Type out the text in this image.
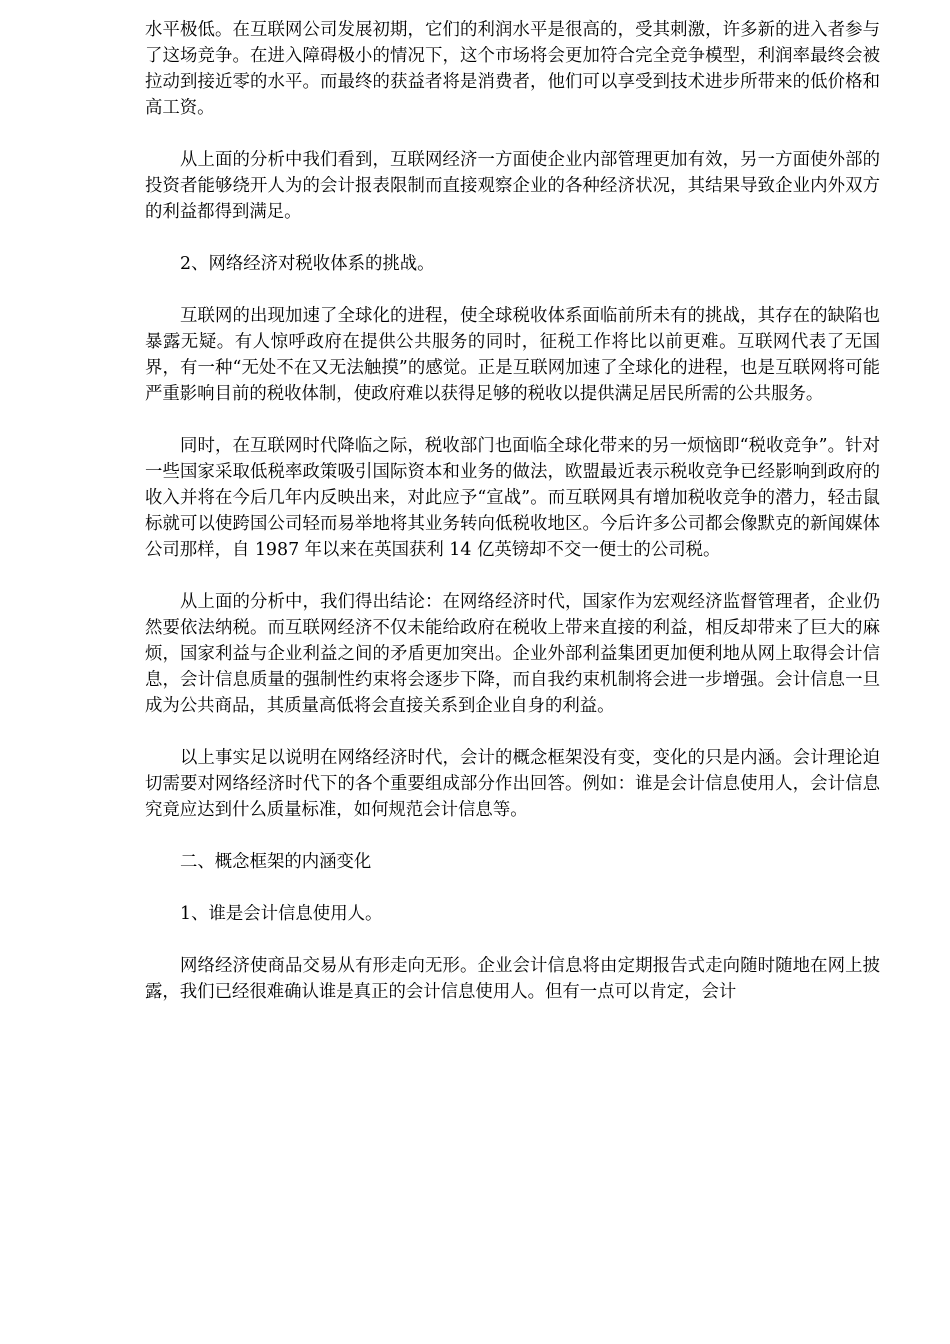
水平极低。在互联网公司发展初期，它们的利润水平是很高的，受其刺激，许多新的进入者参与了这场竞争。在进入障碍极小的情况下，这个市场将会更加符合完全竞争模型，利润率最终会被拉动到接近零的水平。而最终的获益者将是消费者，他们可以享受到技术进步所带来的低价格和高工资。

从上面的分析中我们看到，互联网经济一方面使企业内部管理更加有效，另一方面使外部的投资者能够绕开人为的会计报表限制而直接观察企业的各种经济状况，其结果导致企业内外双方的利益都得到满足。

2、网络经济对税收体系的挑战。

互联网的出现加速了全球化的进程，使全球税收体系面临前所未有的挑战，其存在的缺陷也暴露无疑。有人惊呼政府在提供公共服务的同时，征税工作将比以前更难。互联网代表了无国界，有一种“无处不在又无法触摸”的感觉。正是互联网加速了全球化的进程，也是互联网将可能严重影响目前的税收体制，使政府难以获得足够的税收以提供满足居民所需的公共服务。

同时，在互联网时代降临之际，税收部门也面临全球化带来的另一烦恼即“税收竞争”。针对一些国家采取低税率政策吸引国际资本和业务的做法，欧盟最近表示税收竞争已经影响到政府的收入并将在今后几年内反映出来，对此应予“宣战”。而互联网具有增加税收竞争的潜力，轻击鼠标就可以使跨国公司轻而易举地将其业务转向低税收地区。今后许多公司都会像默克的新闻媒体公司那样，自 1987 年以来在英国获利 14 亿英镑却不交一便士的公司税。

从上面的分析中，我们得出结论：在网络经济时代，国家作为宏观经济监督管理者，企业仍然要依法纳税。而互联网经济不仅未能给政府在税收上带来直接的利益，相反却带来了巨大的麻烦，国家利益与企业利益之间的矛盾更加突出。企业外部利益集团更加便利地从网上取得会计信息，会计信息质量的强制性约束将会逐步下降，而自我约束机制将会进一步增强。会计信息一旦成为公共商品，其质量高低将会直接关系到企业自身的利益。

以上事实足以说明在网络经济时代，会计的概念框架没有变，变化的只是内涵。会计理论迫切需要对网络经济时代下的各个重要组成部分作出回答。例如：谁是会计信息使用人，会计信息究竟应达到什么质量标准，如何规范会计信息等。

二、概念框架的内涵变化

1、谁是会计信息使用人。

网络经济使商品交易从有形走向无形。企业会计信息将由定期报告式走向随时随地在网上披露，我们已经很难确认谁是真正的会计信息使用人。但有一点可以肯定，会计
